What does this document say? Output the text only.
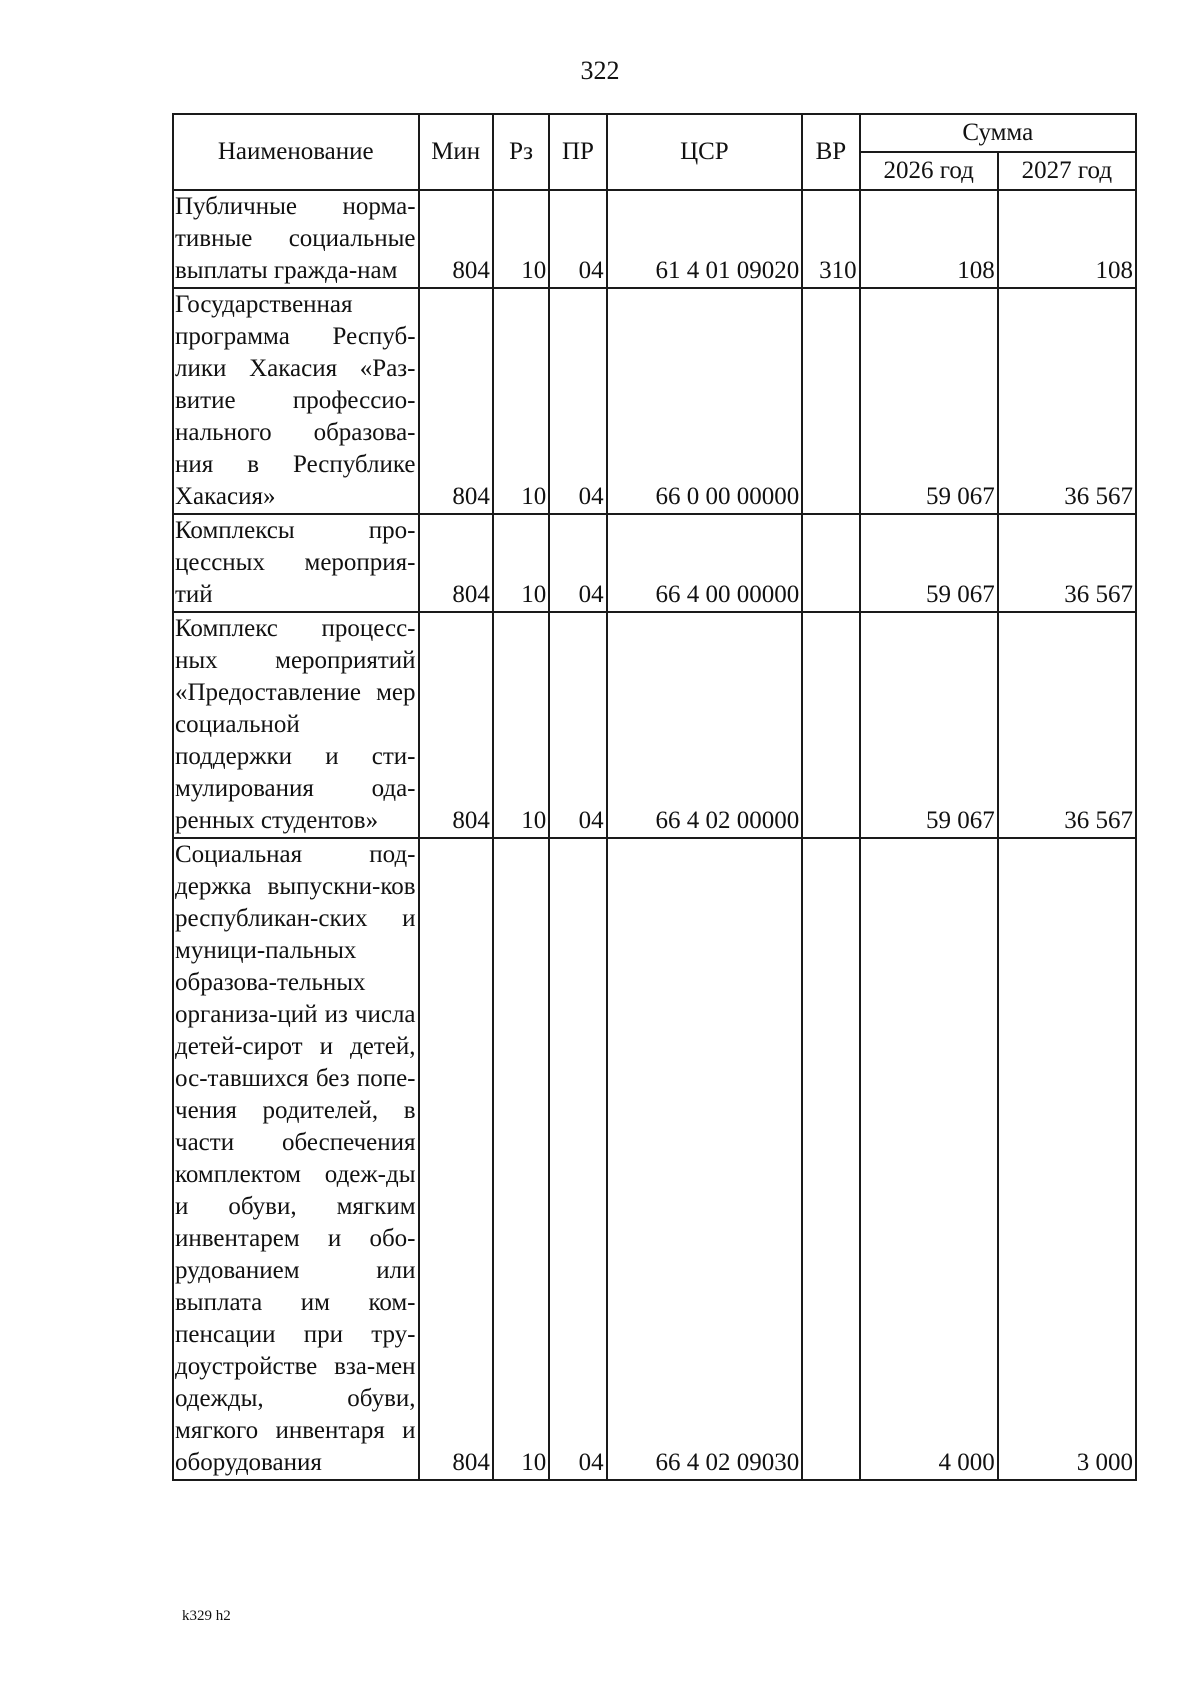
322
Наименование	Мин	Рз	ПР	ЦСР	ВР	Сумма	
						2026 год	2027 год
Публичные норма-тивные социальные выплаты гражда-нам	804	10	04	61 4 01 09020	310	108	108
Государственная программа Респуб-лики Хакасия «Раз-витие профессио-нального образова-ния в Республике Хакасия»	804	10	04	66 0 00 00000		59 067	36 567
Комплексы про-цессных мероприя-тий	804	10	04	66 4 00 00000		59 067	36 567
Комплекс процесс-ных мероприятий «Предоставление мер социальной поддержки и сти-мулирования ода-ренных студентов»	804	10	04	66 4 02 00000		59 067	36 567
Социальная под-держка выпускни-ков республикан-ских и муници-пальных образова-тельных организа-ций из числа детей-сирот и детей, ос-тавшихся без попе-чения родителей, в части обеспечения комплектом одеж-ды и обуви, мягким инвентарем и обо-рудованием или выплата им ком-пенсации при тру-доустройстве вза-мен одежды, обуви, мягкого инвентаря и оборудования	804	10	04	66 4 02 09030		4 000	3 000
k329 h2
